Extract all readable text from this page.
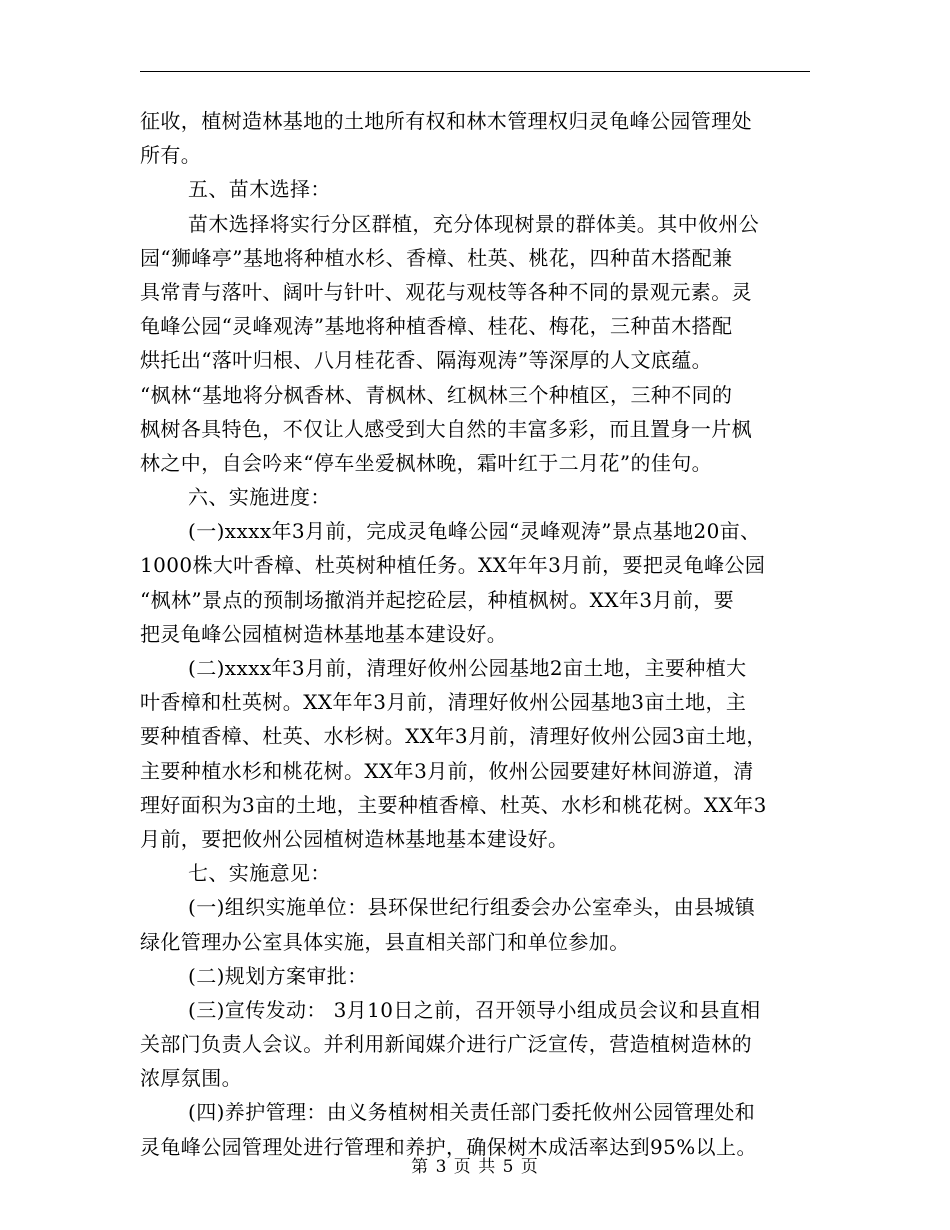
征收，植树造林基地的土地所有权和林木管理权归灵龟峰公园管理处
所有。
五、苗木选择：
苗木选择将实行分区群植，充分体现树景的群体美。其中攸州公
园“狮峰亭”基地将种植水杉、香樟、杜英、桃花，四种苗木搭配兼
具常青与落叶、阔叶与针叶、观花与观枝等各种不同的景观元素。灵
龟峰公园“灵峰观涛”基地将种植香樟、桂花、梅花，三种苗木搭配
烘托出“落叶归根、八月桂花香、隔海观涛”等深厚的人文底蕴。
“枫林“基地将分枫香林、青枫林、红枫林三个种植区，三种不同的
枫树各具特色，不仅让人感受到大自然的丰富多彩，而且置身一片枫
林之中，自会吟来“停车坐爱枫林晚，霜叶红于二月花”的佳句。
六、实施进度：
(一)xxxx年3月前，完成灵龟峰公园“灵峰观涛”景点基地20亩、
1000株大叶香樟、杜英树种植任务。XX年年3月前，要把灵龟峰公园
“枫林”景点的预制场撤消并起挖砼层，种植枫树。XX年3月前，要
把灵龟峰公园植树造林基地基本建设好。
(二)xxxx年3月前，清理好攸州公园基地2亩土地，主要种植大
叶香樟和杜英树。XX年年3月前，清理好攸州公园基地3亩土地，主
要种植香樟、杜英、水杉树。XX年3月前，清理好攸州公园3亩土地，
主要种植水杉和桃花树。XX年3月前，攸州公园要建好林间游道，清
理好面积为3亩的土地，主要种植香樟、杜英、水杉和桃花树。XX年3
月前，要把攸州公园植树造林基地基本建设好。
七、实施意见：
(一)组织实施单位：县环保世纪行组委会办公室牵头，由县城镇
绿化管理办公室具体实施，县直相关部门和单位参加。
(二)规划方案审批：
(三)宣传发动： 3月10日之前，召开领导小组成员会议和县直相
关部门负责人会议。并利用新闻媒介进行广泛宣传，营造植树造林的
浓厚氛围。
(四)养护管理：由义务植树相关责任部门委托攸州公园管理处和
灵龟峰公园管理处进行管理和养护，确保树木成活率达到95%以上。
第 3 页 共 5 页
